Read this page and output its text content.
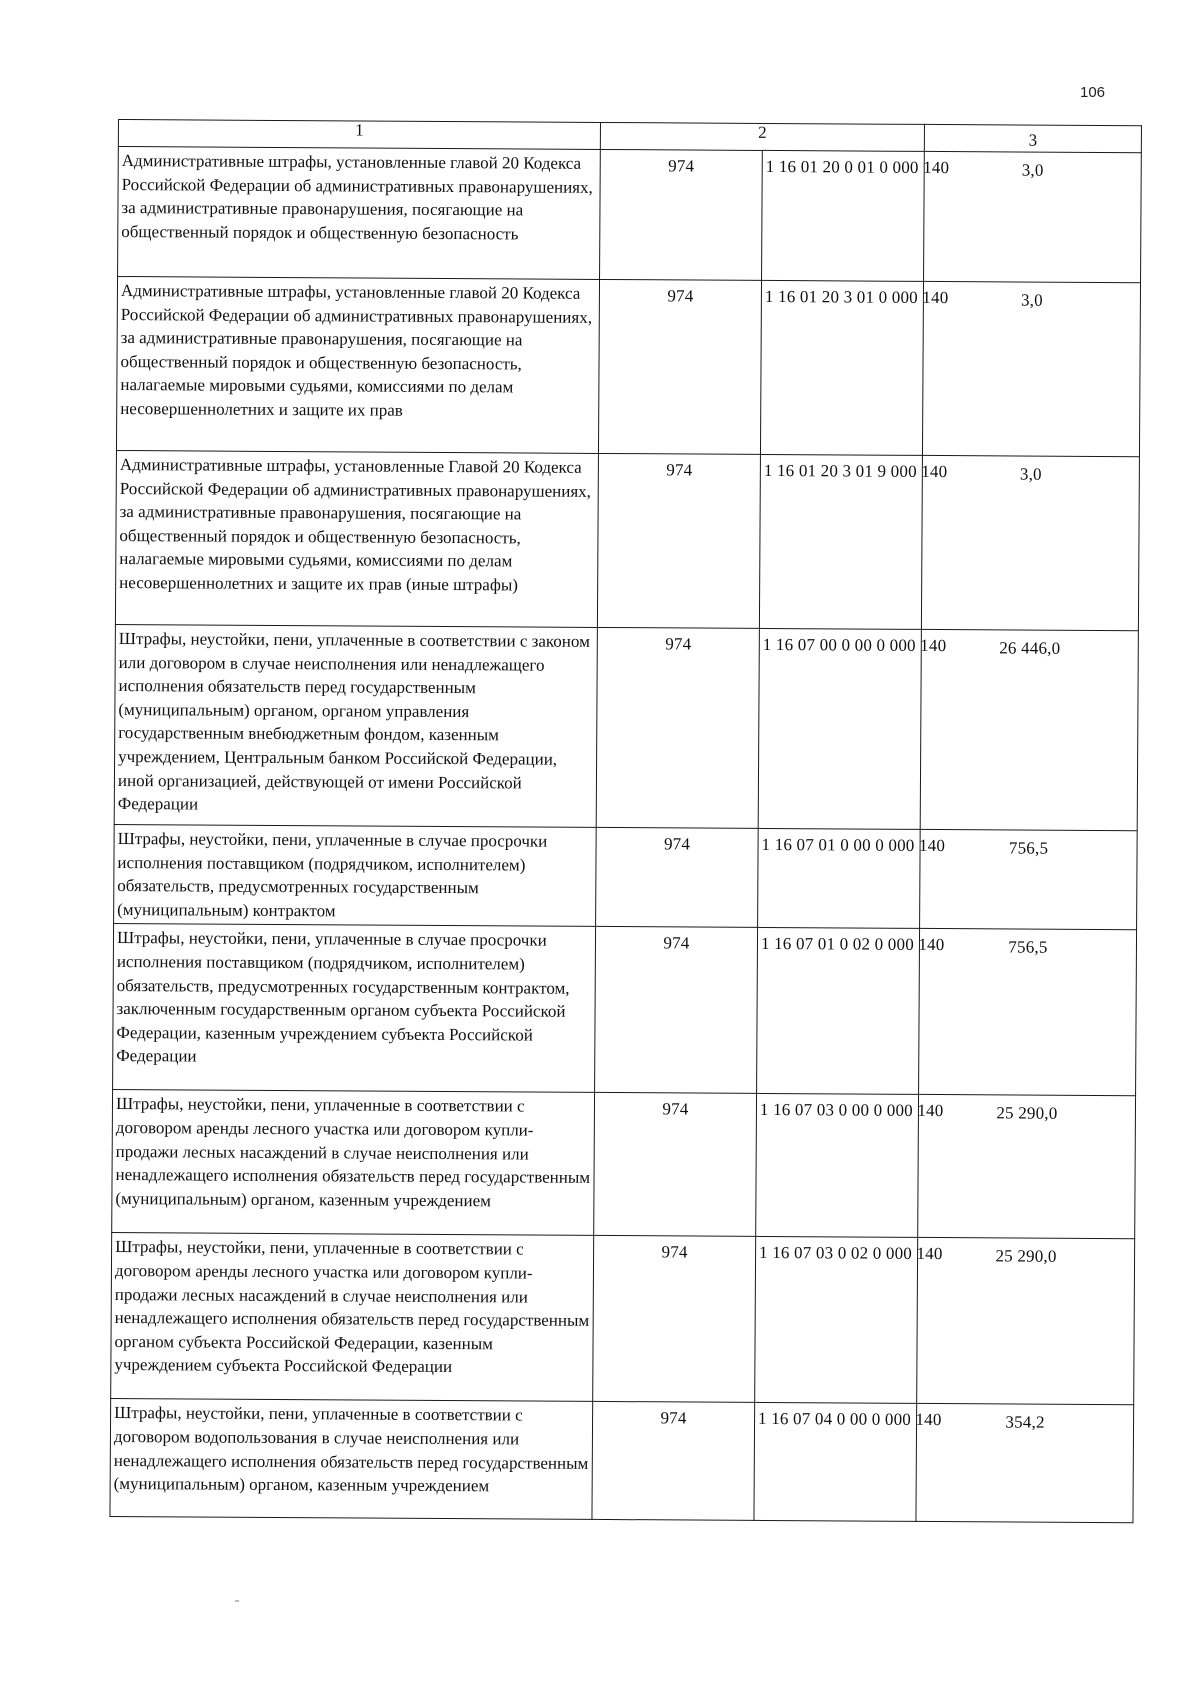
106
1	2		3
Административные штрафы, установленные главой 20 Кодекса Российской Федерации об административных правонарушениях, за административные правонарушения, посягающие на общественный порядок и общественную безопасность	974	1 16 01 20 0 01 0 000 140	3,0
Административные штрафы, установленные главой 20 Кодекса Российской Федерации об административных правонарушениях, за административные правонарушения, посягающие на общественный порядок и общественную безопасность, налагаемые мировыми судьями, комиссиями по делам несовершеннолетних и защите их прав	974	1 16 01 20 3 01 0 000 140	3,0
Административные штрафы, установленные Главой 20 Кодекса Российской Федерации об административных правонарушениях, за административные правонарушения, посягающие на общественный порядок и общественную безопасность, налагаемые мировыми судьями, комиссиями по делам несовершеннолетних и защите их прав (иные штрафы)	974	1 16 01 20 3 01 9 000 140	3,0
Штрафы, неустойки, пени, уплаченные в соответствии с законом или договором в случае неисполнения или ненадлежащего исполнения обязательств перед государственным (муниципальным) органом, органом управления государственным внебюджетным фондом, казенным учреждением, Центральным банком Российской Федерации, иной организацией, действующей от имени Российской Федерации	974	1 16 07 00 0 00 0 000 140	26 446,0
Штрафы, неустойки, пени, уплаченные в случае просрочки исполнения поставщиком (подрядчиком, исполнителем) обязательств, предусмотренных государственным (муниципальным) контрактом	974	1 16 07 01 0 00 0 000 140	756,5
Штрафы, неустойки, пени, уплаченные в случае просрочки исполнения поставщиком (подрядчиком, исполнителем) обязательств, предусмотренных государственным контрактом, заключенным государственным органом субъекта Российской Федерации, казенным учреждением субъекта Российской Федерации	974	1 16 07 01 0 02 0 000 140	756,5
Штрафы, неустойки, пени, уплаченные в соответствии с договором аренды лесного участка или договором купли-продажи лесных насаждений в случае неисполнения или ненадлежащего исполнения обязательств перед государственным (муниципальным) органом, казенным учреждением	974	1 16 07 03 0 00 0 000 140	25 290,0
Штрафы, неустойки, пени, уплаченные в соответствии с договором аренды лесного участка или договором купли-продажи лесных насаждений в случае неисполнения или ненадлежащего исполнения обязательств перед государственным органом субъекта Российской Федерации, казенным учреждением субъекта Российской Федерации	974	1 16 07 03 0 02 0 000 140	25 290,0
Штрафы, неустойки, пени, уплаченные в соответствии с договором водопользования в случае неисполнения или ненадлежащего исполнения обязательств перед государственным (муниципальным) органом, казенным учреждением	974	1 16 07 04 0 00 0 000 140	354,2
